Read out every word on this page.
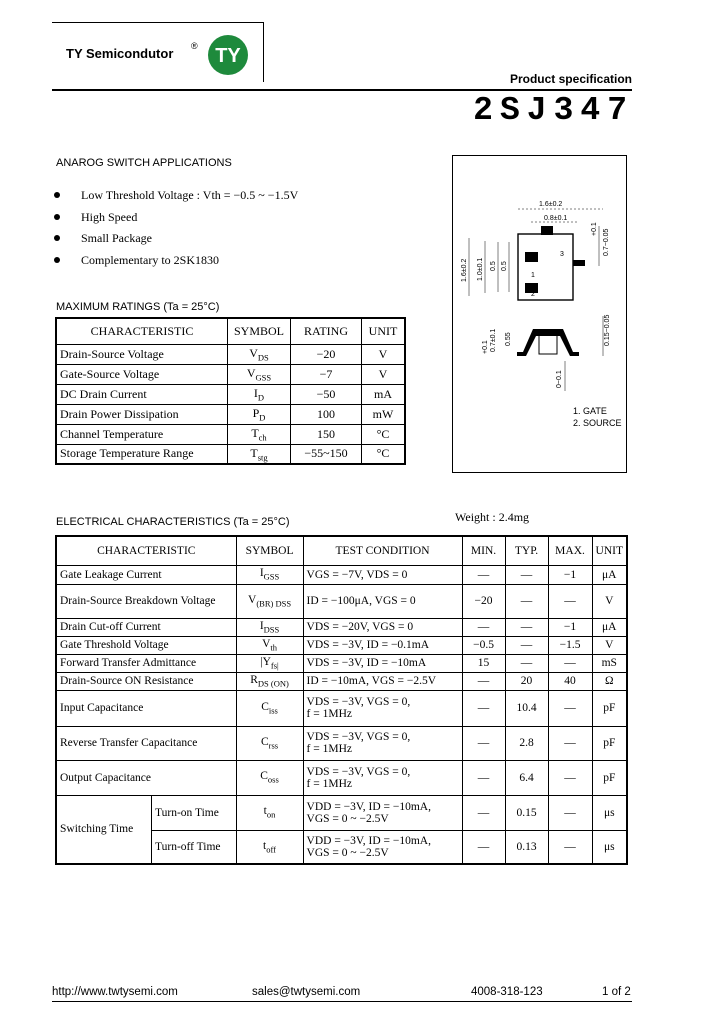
TY Semicondutor ® TY
Product specification
2SJ347
ANAROG SWITCH APPLICATIONS
Low Threshold Voltage : Vth = −0.5 ~ −1.5V
High Speed
Small Package
Complementary to 2SK1830
MAXIMUM RATINGS (Ta = 25°C)
CHARACTERISTIC	SYMBOL	RATING	UNIT
Drain-Source Voltage	$V_{DS}$	−20	V
Gate-Source Voltage	$V_{GSS}$	−7	V
DC Drain Current	$I_D$	−50	mA
Drain Power Dissipation	$P_D$	100	mW
Channel Temperature	$T_{ch}$	150	°C
Storage Temperature Range	$T_{stg}$	−55~150	°C
1
2
3
1.6±0.2
0.8±0.1
1.6±0.2 1.0±0.1 0.5 0.5
+0.1 0.7−0.05
0.15−0.05
+0.1 0.7±0.1 0.55
0~0.1
1. GATE
2. SOURCE
Weight : 2.4mg
ELECTRICAL CHARACTERISTICS (Ta = 25°C)
CHARACTERISTIC		SYMBOL	TEST CONDITION	MIN.	TYP.	MAX.	UNIT
Gate Leakage Current		$I_{GSS}$	VGS = −7V, VDS = 0	—	—	−1	μA
Drain-Source Breakdown Voltage		$V_{(BR) DSS}$	ID = −100μA, VGS = 0	−20	—	—	V
Drain Cut-off Current		$I_{DSS}$	VDS = −20V, VGS = 0	—	—	−1	μA
Gate Threshold Voltage		$V_{th}$	VDS = −3V, ID = −0.1mA	−0.5	—	−1.5	V
Forward Transfer Admittance		$|Y_{fs|}$	VDS = −3V, ID = −10mA	15	—	—	mS
Drain-Source ON Resistance		$R_{DS (ON)}$	ID = −10mA, VGS = −2.5V	—	20	40	Ω
Input Capacitance		$C_{iss}$	VDS = −3V, VGS = 0,
f = 1MHz	—	10.4	—	pF
Reverse Transfer Capacitance		$C_{rss}$	VDS = −3V, VGS = 0,
f = 1MHz	—	2.8	—	pF
Output Capacitance		$C_{oss}$	VDS = −3V, VGS = 0,
f = 1MHz	—	6.4	—	pF
Switching Time	Turn-on Time	$t_{on}$	VDD = −3V, ID = −10mA,
VGS = 0 ~ −2.5V	—	0.15	—	μs
	Turn-off Time	$t_{off}$	VDD = −3V, ID = −10mA,
VGS = 0 ~ −2.5V	—	0.13	—	μs
http://www.twtysemi.com	sales@twtysemi.com	4008-318-123	1 of 2
